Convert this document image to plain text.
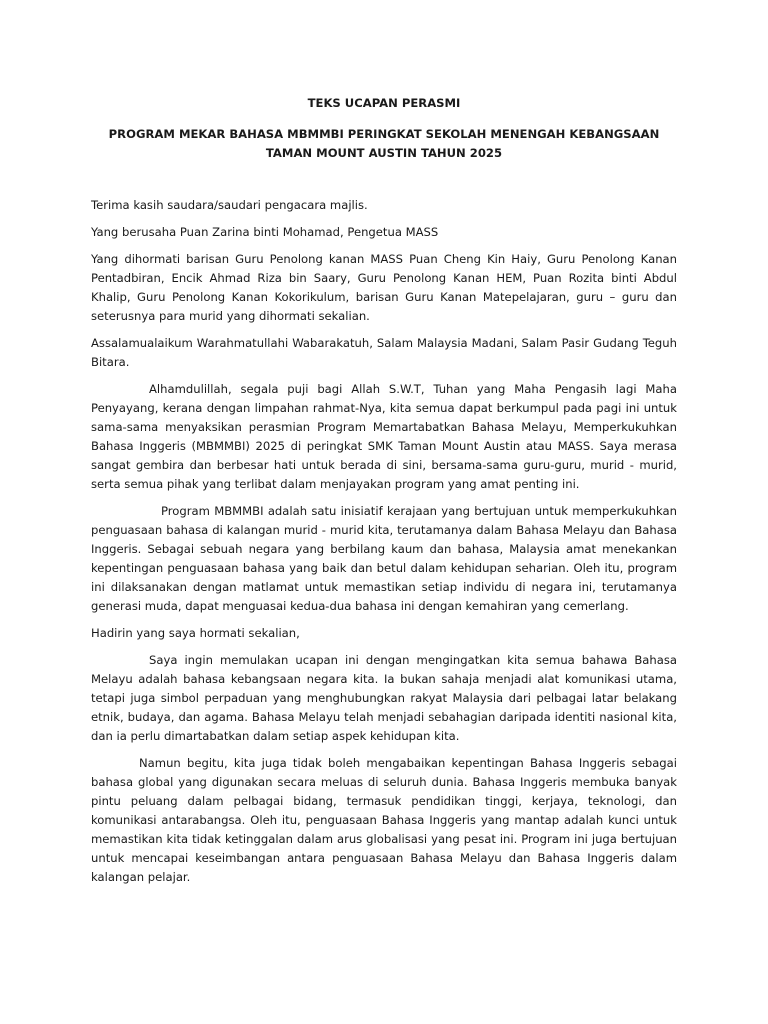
TEKS UCAPAN PERASMI

PROGRAM MEKAR BAHASA MBMMBI PERINGKAT SEKOLAH MENENGAH KEBANGSAAN TAMAN MOUNT AUSTIN TAHUN 2025

Terima kasih saudara/saudari pengacara majlis.

Yang berusaha Puan Zarina binti Mohamad, Pengetua MASS

Yang dihormati barisan Guru Penolong kanan MASS Puan Cheng Kin Haiy, Guru Penolong Kanan Pentadbiran, Encik Ahmad Riza bin Saary, Guru Penolong Kanan HEM, Puan Rozita binti Abdul Khalip, Guru Penolong Kanan Kokorikulum, barisan Guru Kanan Matepelajaran, guru – guru dan seterusnya para murid yang dihormati sekalian.

Assalamualaikum Warahmatullahi Wabarakatuh, Salam Malaysia Madani, Salam Pasir Gudang Teguh Bitara.

Alhamdulillah, segala puji bagi Allah S.W.T, Tuhan yang Maha Pengasih lagi Maha Penyayang, kerana dengan limpahan rahmat-Nya, kita semua dapat berkumpul pada pagi ini untuk sama-sama menyaksikan perasmian Program Memartabatkan Bahasa Melayu, Memperkukuhkan Bahasa Inggeris (MBMMBI) 2025 di peringkat SMK Taman Mount Austin atau MASS. Saya merasa sangat gembira dan berbesar hati untuk berada di sini, bersama-sama guru-guru, murid - murid, serta semua pihak yang terlibat dalam menjayakan program yang amat penting ini.

Program MBMMBI adalah satu inisiatif kerajaan yang bertujuan untuk memperkukuhkan penguasaan bahasa di kalangan murid - murid kita, terutamanya dalam Bahasa Melayu dan Bahasa Inggeris. Sebagai sebuah negara yang berbilang kaum dan bahasa, Malaysia amat menekankan kepentingan penguasaan bahasa yang baik dan betul dalam kehidupan seharian. Oleh itu, program ini dilaksanakan dengan matlamat untuk memastikan setiap individu di negara ini, terutamanya generasi muda, dapat menguasai kedua-dua bahasa ini dengan kemahiran yang cemerlang.

Hadirin yang saya hormati sekalian,

Saya ingin memulakan ucapan ini dengan mengingatkan kita semua bahawa Bahasa Melayu adalah bahasa kebangsaan negara kita. Ia bukan sahaja menjadi alat komunikasi utama, tetapi juga simbol perpaduan yang menghubungkan rakyat Malaysia dari pelbagai latar belakang etnik, budaya, dan agama. Bahasa Melayu telah menjadi sebahagian daripada identiti nasional kita, dan ia perlu dimartabatkan dalam setiap aspek kehidupan kita.

Namun begitu, kita juga tidak boleh mengabaikan kepentingan Bahasa Inggeris sebagai bahasa global yang digunakan secara meluas di seluruh dunia. Bahasa Inggeris membuka banyak pintu peluang dalam pelbagai bidang, termasuk pendidikan tinggi, kerjaya, teknologi, dan komunikasi antarabangsa. Oleh itu, penguasaan Bahasa Inggeris yang mantap adalah kunci untuk memastikan kita tidak ketinggalan dalam arus globalisasi yang pesat ini. Program ini juga bertujuan untuk mencapai keseimbangan antara penguasaan Bahasa Melayu dan Bahasa Inggeris dalam kalangan pelajar.
